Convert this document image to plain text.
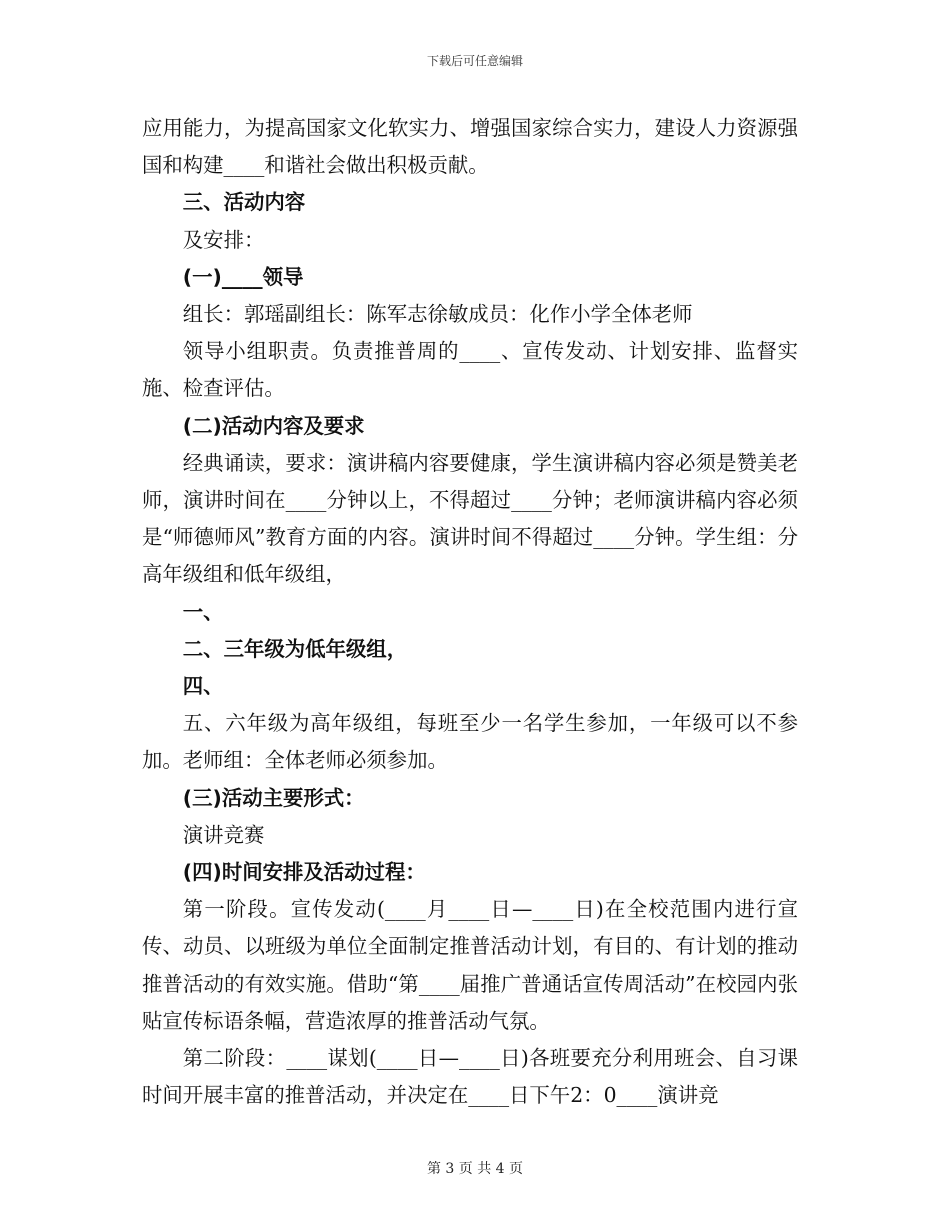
下载后可任意编辑

应用能力，为提高国家文化软实力、增强国家综合实力，建设人力资源强国和构建____和谐社会做出积极贡献。

三、活动内容

及安排：

(一)____领导

组长：郭瑶副组长：陈军志徐敏成员：化作小学全体老师

领导小组职责。负责推普周的____、宣传发动、计划安排、监督实施、检查评估。

(二)活动内容及要求

经典诵读，要求：演讲稿内容要健康，学生演讲稿内容必须是赞美老师，演讲时间在____分钟以上，不得超过____分钟；老师演讲稿内容必须是“师德师风”教育方面的内容。演讲时间不得超过____分钟。学生组：分高年级组和低年级组，

一、

二、三年级为低年级组，

四、

五、六年级为高年级组，每班至少一名学生参加，一年级可以不参加。老师组：全体老师必须参加。

(三)活动主要形式：

演讲竞赛

(四)时间安排及活动过程：

第一阶段。宣传发动(____月____日—____日)在全校范围内进行宣传、动员、以班级为单位全面制定推普活动计划，有目的、有计划的推动推普活动的有效实施。借助“第____届推广普通话宣传周活动”在校园内张贴宣传标语条幅，营造浓厚的推普活动气氛。

第二阶段：____谋划(____日—____日)各班要充分利用班会、自习课时间开展丰富的推普活动，并决定在____日下午2：0____演讲竞

第 3 页 共 4 页
